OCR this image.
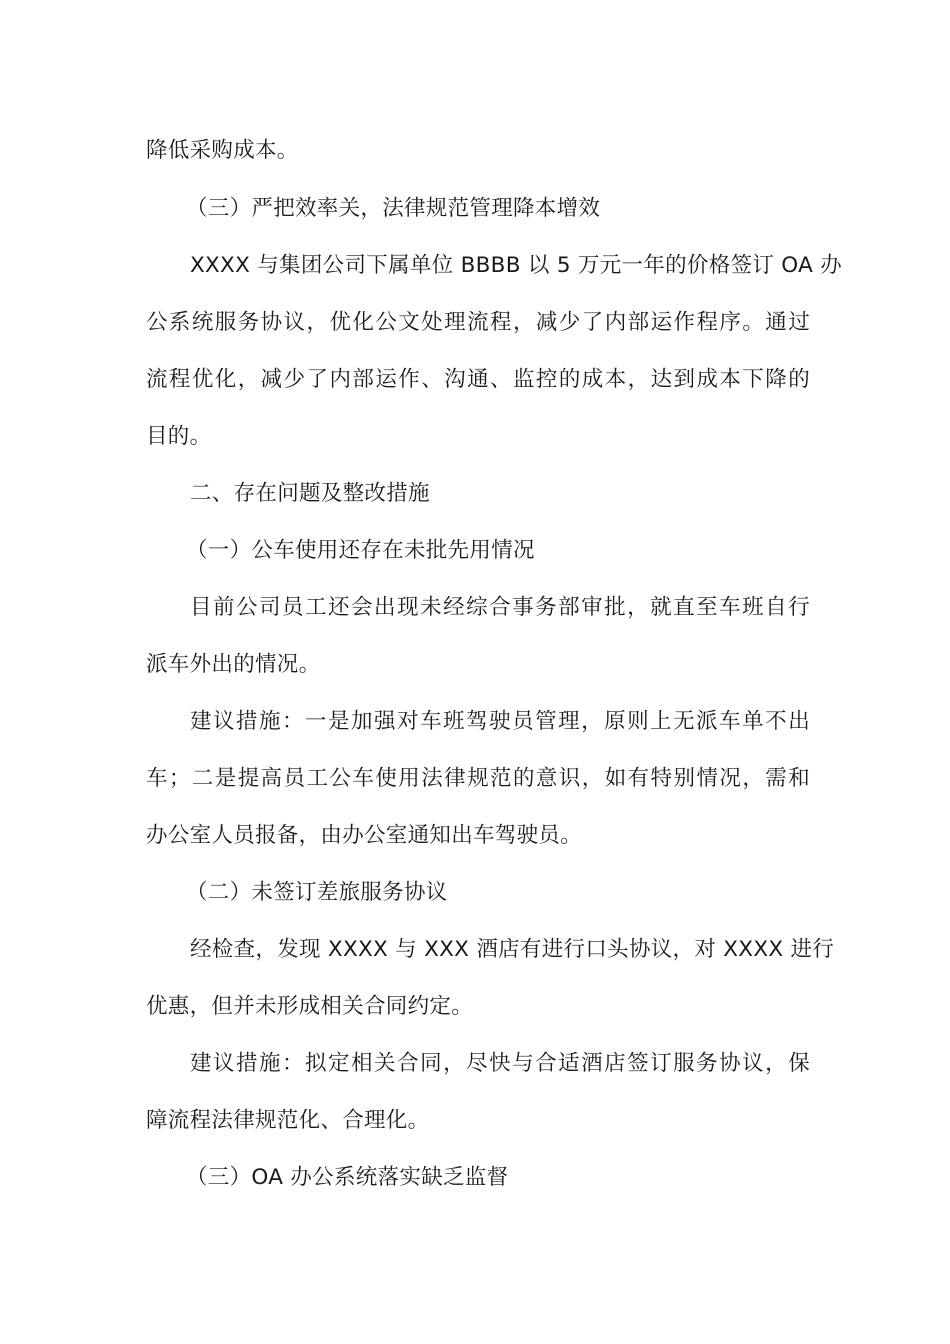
降低采购成本。
（三）严把效率关，法律规范管理降本增效
XXXX 与集团公司下属单位 BBBB 以 5 万元一年的价格签订 OA 办
公系统服务协议，优化公文处理流程，减少了内部运作程序。通过
流程优化，减少了内部运作、沟通、监控的成本，达到成本下降的
目的。
二、存在问题及整改措施
（一）公车使用还存在未批先用情况
目前公司员工还会出现未经综合事务部审批，就直至车班自行
派车外出的情况。
建议措施：一是加强对车班驾驶员管理，原则上无派车单不出
车；二是提高员工公车使用法律规范的意识，如有特别情况，需和
办公室人员报备，由办公室通知出车驾驶员。
（二）未签订差旅服务协议
经检查，发现 XXXX 与 XXX 酒店有进行口头协议，对 XXXX 进行
优惠，但并未形成相关合同约定。
建议措施：拟定相关合同，尽快与合适酒店签订服务协议，保
障流程法律规范化、合理化。
（三）OA 办公系统落实缺乏监督
